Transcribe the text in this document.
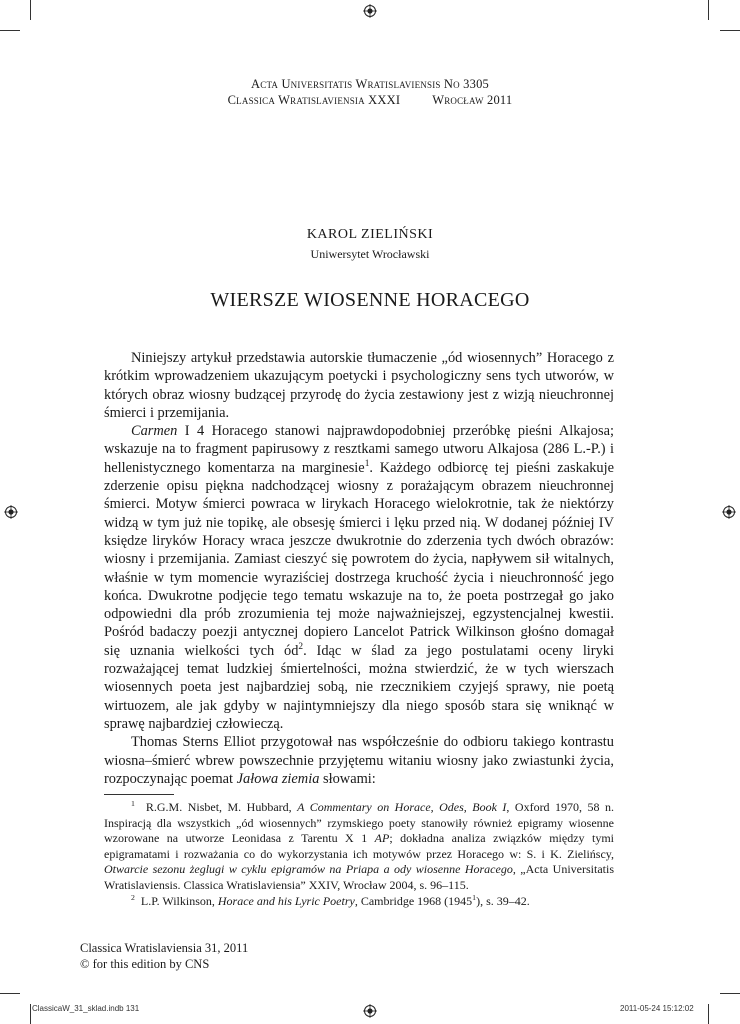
Acta Universitatis Wratislaviensis No 3305
Classica Wratislaviensia XXXI	Wrocław 2011
KAROL ZIELIŃSKI
Uniwersytet Wrocławski
WIERSZE WIOSENNE HORACEGO

Niniejszy artykuł przedstawia autorskie tłumaczenie „ód wiosennych” Horacego z krótkim wprowadzeniem ukazującym poetycki i psychologiczny sens tych utworów, w których obraz wiosny budzącej przyrodę do życia zestawiony jest z wizją nieuchronnej śmierci i przemijania.

Carmen I 4 Horacego stanowi najprawdopodobniej przeróbkę pieśni Alkajosa; wskazuje na to fragment papirusowy z resztkami samego utworu Alkajosa (286 L.-P.) i hellenistycznego komentarza na marginesie$^1$. Każdego odbiorcę tej pieśni zaskakuje zderzenie opisu piękna nadchodzącej wiosny z porażającym obrazem nieuchronnej śmierci. Motyw śmierci powraca w lirykach Horacego wielokrotnie, tak że niektórzy widzą w tym już nie topikę, ale obsesję śmierci i lęku przed nią. W dodanej później IV księdze liryków Horacy wraca jeszcze dwukrotnie do zderzenia tych dwóch obrazów: wiosny i przemijania. Zamiast cieszyć się powrotem do życia, napływem sił witalnych, właśnie w tym momencie wyraziściej dostrzega kruchość życia i nieuchronność jego końca. Dwukrotne podjęcie tego tematu wskazuje na to, że poeta postrzegał go jako odpowiedni dla prób zrozumienia tej może najważniejszej, egzystencjalnej kwestii. Pośród badaczy poezji antycznej dopiero Lancelot Patrick Wilkinson głośno domagał się uznania wielkości tych $ód^2$. Idąc w ślad za jego postulatami oceny liryki rozważającej temat ludzkiej śmiertelności, można stwierdzić, że w tych wierszach wiosennych poeta jest najbardziej sobą, nie rzecznikiem czyjejś sprawy, nie poetą wirtuozem, ale jak gdyby w najintymniejszy dla niego sposób stara się wniknąć w sprawę najbardziej człowieczą.

Thomas Sterns Elliot przygotował nas współcześnie do odbioru takiego kontrastu wiosna–śmierć wbrew powszechnie przyjętemu witaniu wiosny jako zwiastunki życia, rozpoczynając poemat Jałowa ziemia słowami:

$^1$ R.G.M. Nisbet, M. Hubbard, A Commentary on Horace, Odes, Book I, Oxford 1970, 58 n. Inspiracją dla wszystkich „ód wiosennych” rzymskiego poety stanowiły również epigramy wiosenne wzorowane na utworze Leonidasa z Tarentu X 1 AP; dokładna analiza związków między tymi epigramatami i rozważania co do wykorzystania ich motywów przez Horacego w: S. i K. Zielińscy, Otwarcie sezonu żeglugi w cyklu epigramów na Priapa a ody wiosenne Horacego, „Acta Universitatis Wratislaviensis. Classica Wratislaviensia” XXIV, Wrocław 2004, s. 96–115.

$^2$ L.P. Wilkinson, Horace and his Lyric Poetry, Cambridge 1968 (1945$^1$), s. 39–42.

Classica Wratislaviensia 31, 2011
© for this edition by CNS
ClassicaW_31_sklad.indb 131	2011-05-24 15:12:02
